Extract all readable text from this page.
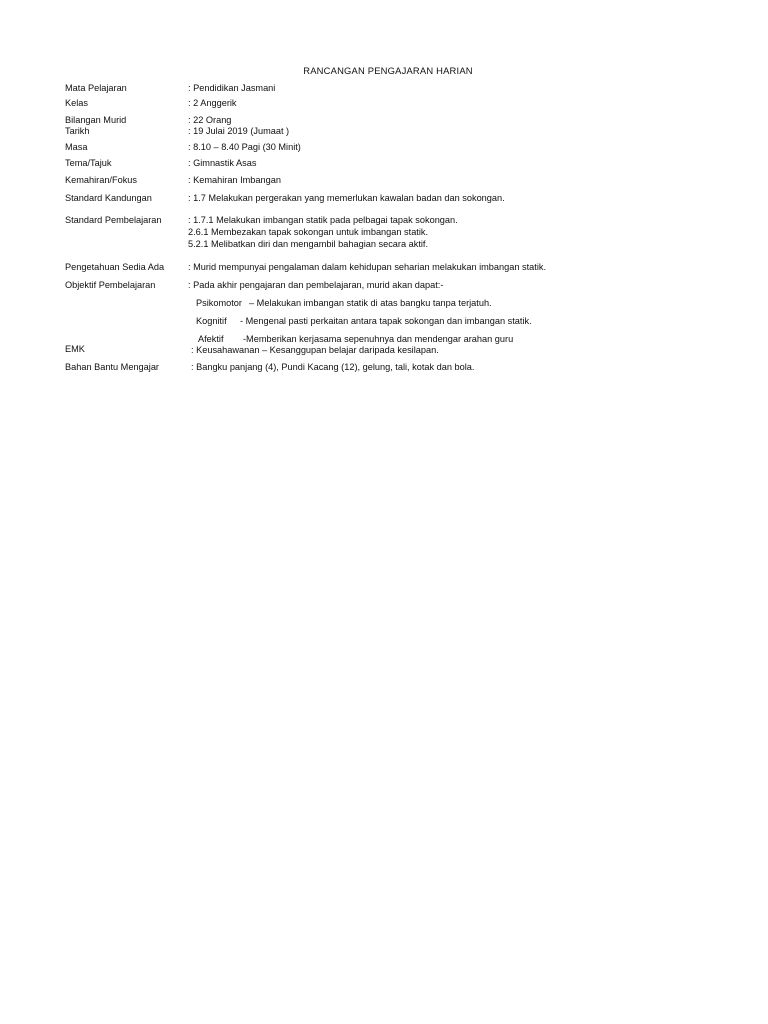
RANCANGAN PENGAJARAN HARIAN
Mata Pelajaran	: Pendidikan Jasmani
Kelas	: 2 Anggerik
Bilangan Murid	: 22 Orang
Tarikh	: 19 Julai 2019 (Jumaat )
Masa	: 8.10 – 8.40 Pagi (30 Minit)
Tema/Tajuk	: Gimnastik Asas
Kemahiran/Fokus	: Kemahiran Imbangan
Standard Kandungan	: 1.7 Melakukan pergerakan yang memerlukan kawalan badan dan sokongan.
Standard Pembelajaran	: 1.7.1 Melakukan imbangan statik pada pelbagai tapak sokongan.
2.6.1 Membezakan tapak sokongan untuk imbangan statik.
5.2.1 Melibatkan diri dan mengambil bahagian secara aktif.
Pengetahuan Sedia Ada	: Murid mempunyai pengalaman dalam kehidupan seharian melakukan imbangan statik.
Objektif Pembelajaran	: Pada akhir pengajaran dan pembelajaran, murid akan dapat:-
Psikomotor – Melakukan imbangan statik di atas bangku tanpa terjatuh.
Kognitif - Mengenal pasti perkaitan antara tapak sokongan dan imbangan statik.
Afektif -Memberikan kerjasama sepenuhnya dan mendengar arahan guru
EMK	: Keusahawanan – Kesanggupan belajar daripada kesilapan.
Bahan Bantu Mengajar	: Bangku panjang (4), Pundi Kacang (12), gelung, tali, kotak dan bola.
